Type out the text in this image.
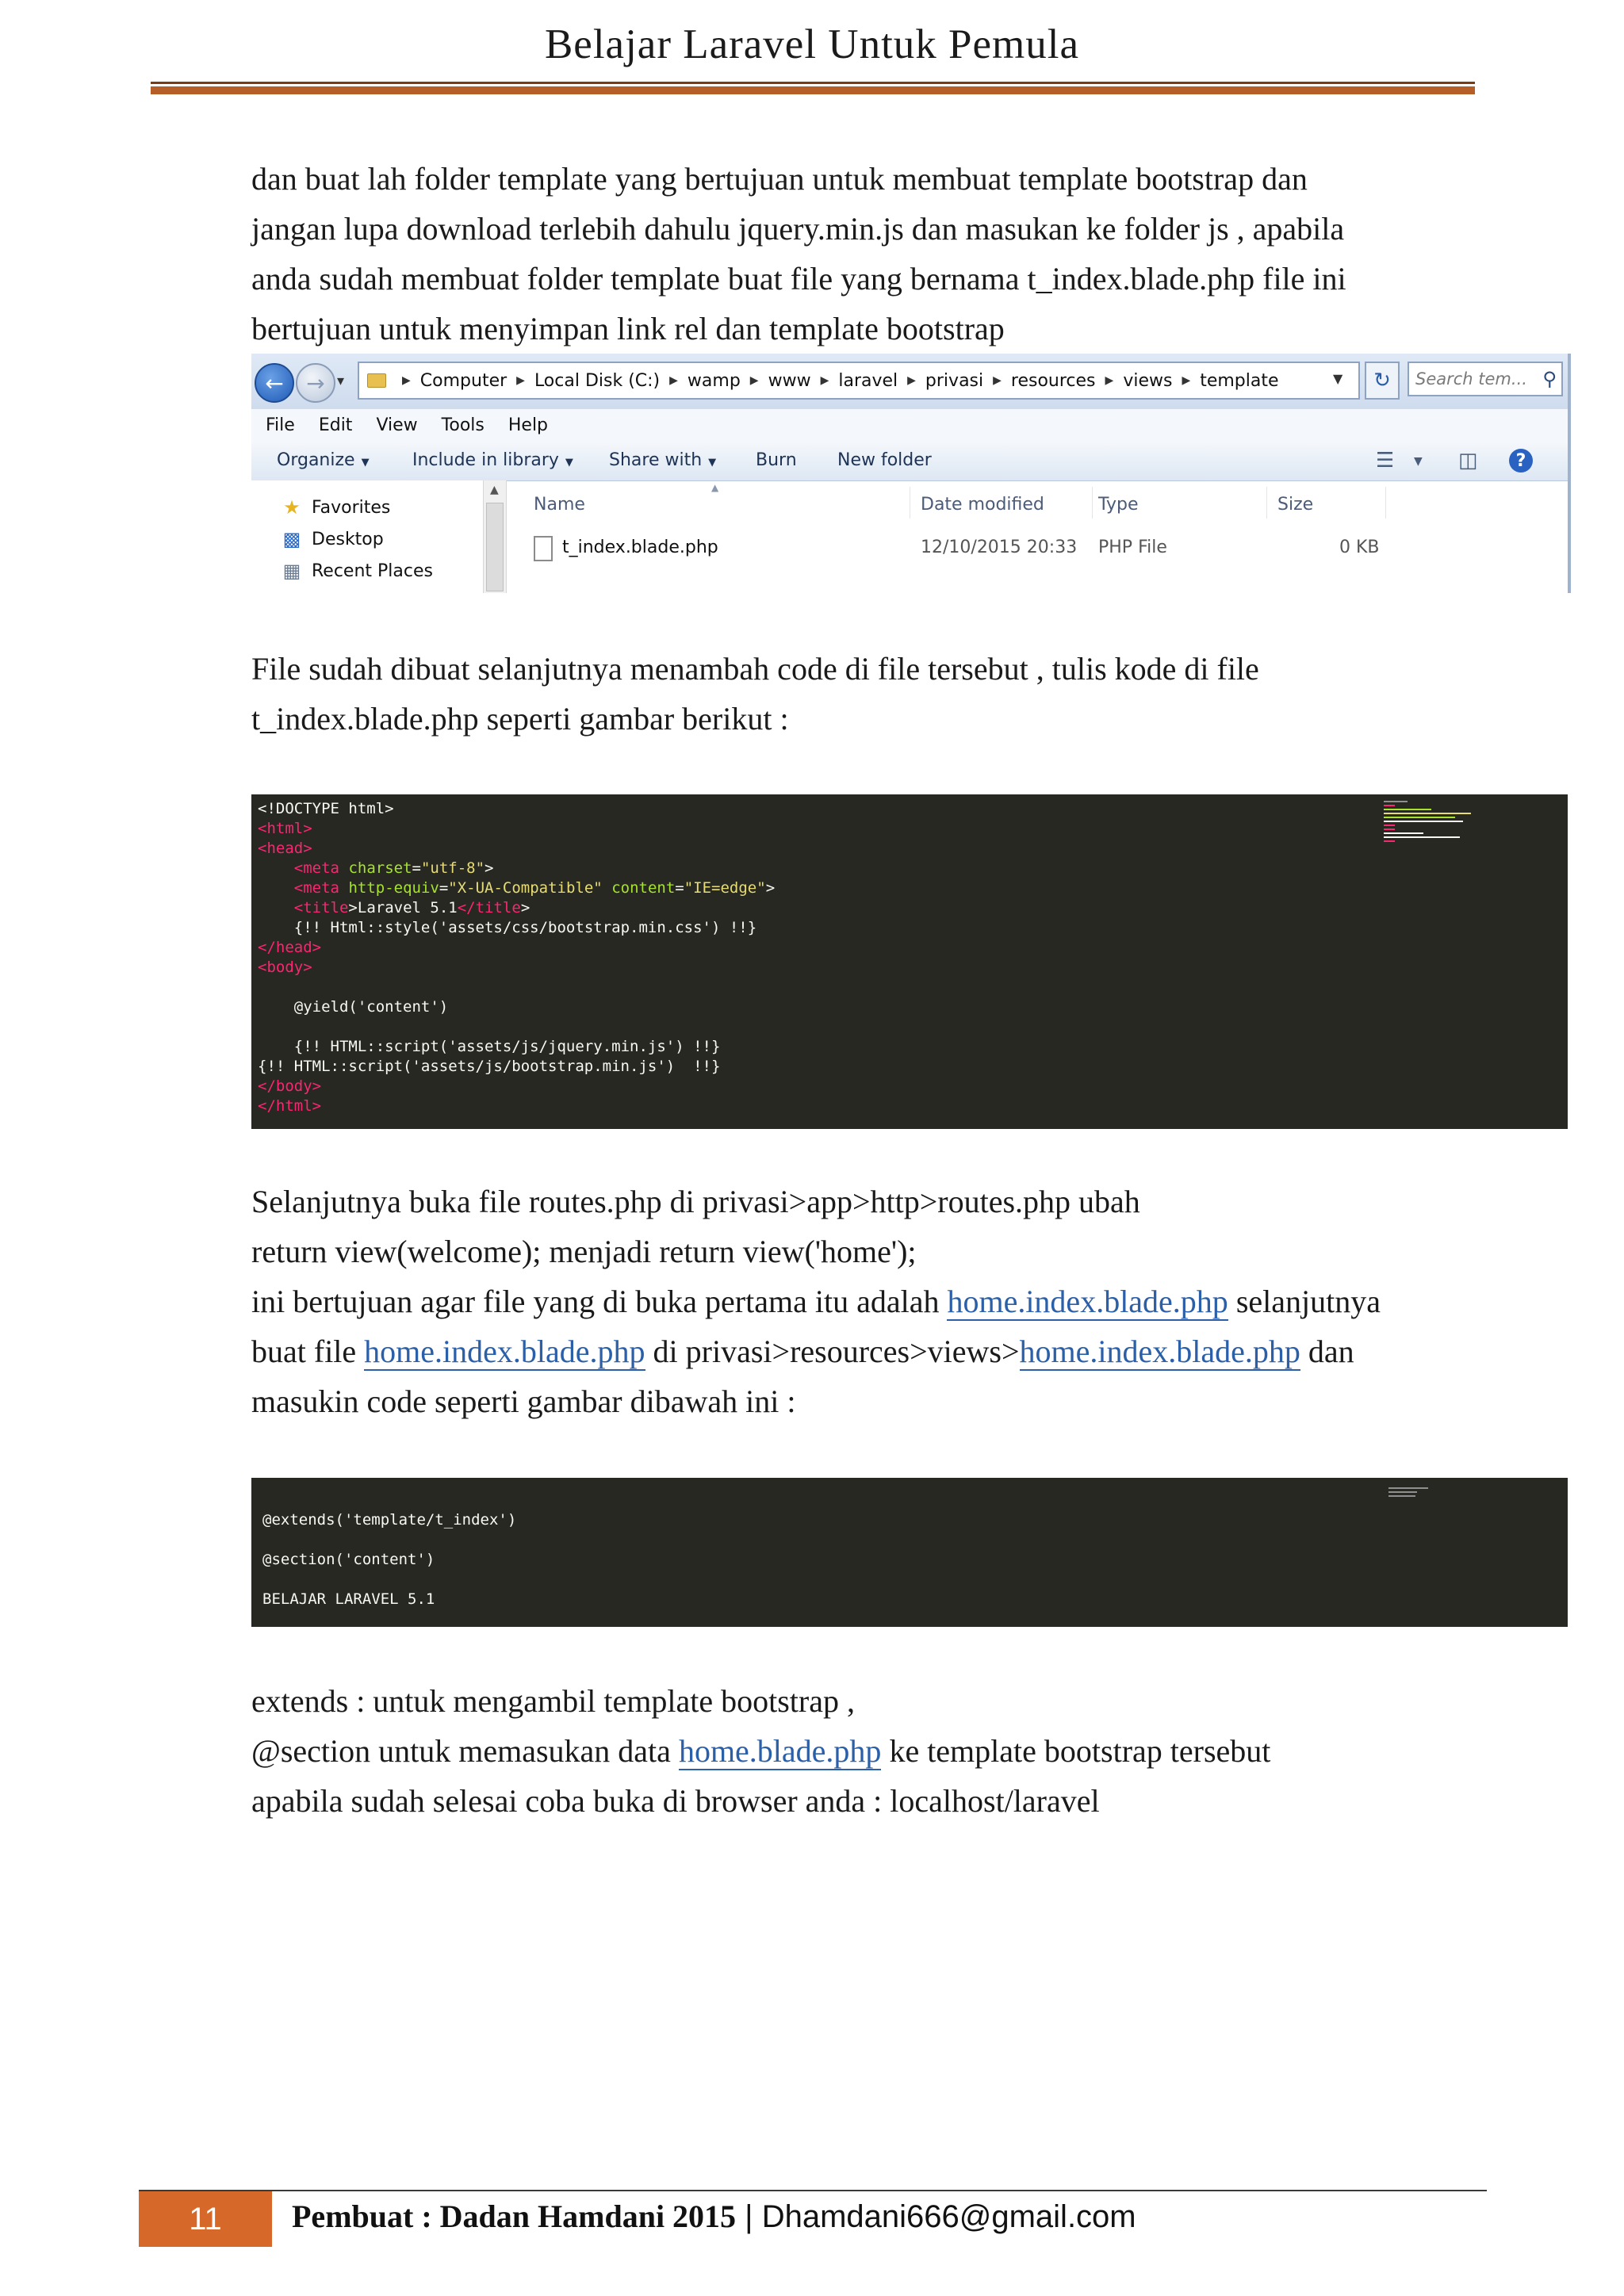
Belajar Laravel Untuk Pemula

dan buat lah folder template yang bertujuan untuk membuat template bootstrap dan

jangan lupa download terlebih dahulu jquery.min.js dan masukan ke folder js , apabila

anda sudah membuat folder template buat file yang bernama t_index.blade.php file ini

bertujuan untuk menyimpan link rel dan template bootstrap

←	→ ▾	▶ Computer ▶ Local Disk (C:) ▶ wamp ▶ www ▶ laravel ▶ privasi ▶ resources ▶ views ▶ template	▼	↻	Search tem... ⚲
File Edit View Tools Help
Organize ▼ Include in library ▼ Share with ▼ Burn New folder	☰ ▼ ◫	?
★ Favorites
▩ Desktop
▦ Recent Places
▲	▲
Name	Date modified	Type	Size
t_index.blade.php	12/10/2015 20:33 PHP File	0 KB

File sudah dibuat selanjutnya menambah code di file tersebut , tulis kode di file

t_index.blade.php seperti gambar berikut :

<!DOCTYPE html>
<html>
<head>
<meta charset="utf-8">
<meta http-equiv="X-UA-Compatible" content="IE=edge">
<title>Laravel 5.1</title>
{!! Html::style('assets/css/bootstrap.min.css') !!}
</head>
<body>

@yield('content')

{!! HTML::script('assets/js/jquery.min.js') !!}
{!! HTML::script('assets/js/bootstrap.min.js')  !!}
</body>
</html>

Selanjutnya buka file routes.php di privasi>app>http>routes.php ubah

return view(welcome); menjadi return view('home');

ini bertujuan agar file yang di buka pertama itu adalah home.index.blade.php selanjutnya

buat file home.index.blade.php di privasi>resources>views>home.index.blade.php dan

masukin code seperti gambar dibawah ini :

@extends('template/t_index')
@section('content')
BELAJAR LARAVEL 5.1

extends : untuk mengambil template bootstrap ,

@section untuk memasukan data home.blade.php ke template bootstrap tersebut

apabila sudah selesai coba buka di browser anda : localhost/laravel

11	Pembuat : Dadan Hamdani 2015 | Dhamdani666@gmail.com
